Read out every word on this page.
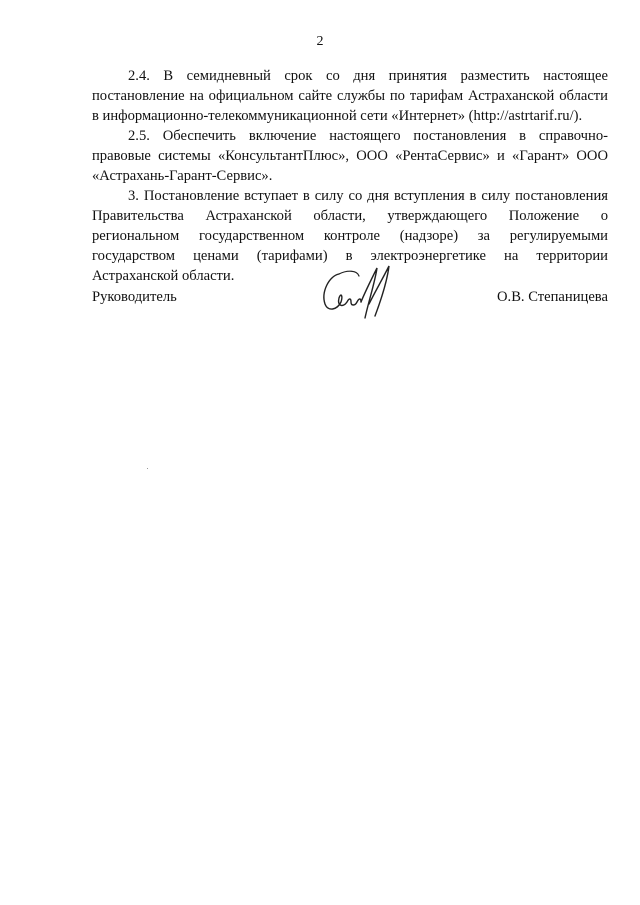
2

2.4. В семидневный срок со дня принятия разместить настоящее постановление на официальном сайте службы по тарифам Астраханской области в информационно-телекоммуникационной сети «Интернет» (http://astrtarif.ru/).

2.5. Обеспечить включение настоящего постановления в справочно-правовые системы «КонсультантПлюс», ООО «РентаСервис» и «Гарант» ООО «Астрахань-Гарант-Сервис».

3. Постановление вступает в силу со дня вступления в силу постановления Правительства Астраханской области, утверждающего Положение о региональном государственном контроле (надзоре) за регулируемыми государством ценами (тарифами) в электроэнергетике на территории Астраханской области.

Руководитель	О.В. Степаницева
